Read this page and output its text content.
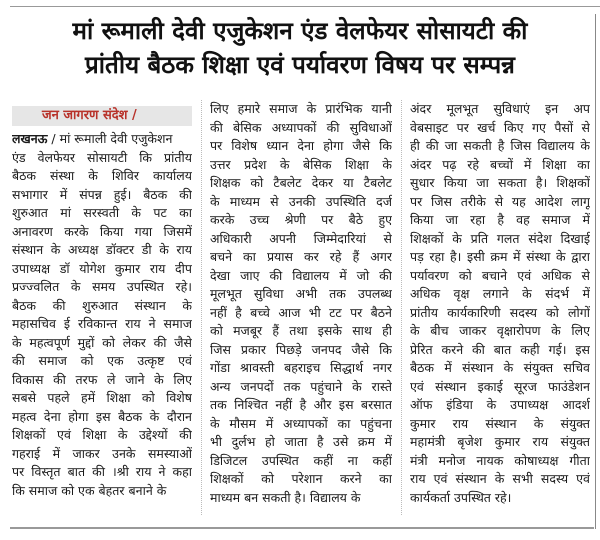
मां रूमाली देवी एजुकेशन एंड वेलफेयर सोसायटी की
प्रांतीय बैठक शिक्षा एवं पर्यावरण विषय पर सम्पन्न
जन जागरण संदेश /
लखनऊ / मां रूमाली देवी एजुकेशन
एंड वेलफेयर सोसायटी कि प्रांतीय
बैठक संस्था के शिविर कार्यालय
सभागार में संपन्न हुई। बैठक की
शुरुआत मां सरस्वती के पट का
अनावरण करके किया गया जिसमें
संस्थान के अध्यक्ष डॉक्टर डी के राय
उपाध्यक्ष डॉ योगेश कुमार राय दीप
प्रज्ज्वलित के समय उपस्थित रहे।
बैठक की शुरुआत संस्थान के
महासचिव ई रविकान्त राय ने समाज
के महत्वपूर्ण मुद्दों को लेकर की जैसे
की समाज को एक उत्कृष्ट एवं
विकास की तरफ ले जाने के लिए
सबसे पहले हमें शिक्षा को विशेष
महत्व देना होगा इस बैठक के दौरान
शिक्षकों एवं शिक्षा के उद्देश्यों की
गहराई में जाकर उनके समस्याओं
पर विस्तृत बात की ।श्री राय ने कहा
कि समाज को एक बेहतर बनाने के
लिए हमारे समाज के प्रारंभिक यानी
की बेसिक अध्यापकों की सुविधाओं
पर विशेष ध्यान देना होगा जैसे कि
उत्तर प्रदेश के बेसिक शिक्षा के
शिक्षक को टैबलेट देकर या टैबलेट
के माध्यम से उनकी उपस्थिति दर्ज
करके उच्च श्रेणी पर बैठे हुए
अधिकारी अपनी जिम्मेदारियां से
बचने का प्रयास कर रहे हैं अगर
देखा जाए की विद्यालय में जो की
मूलभूत सुविधा अभी तक उपलब्ध
नहीं है बच्चे आज भी टट पर बैठने
को मजबूर हैं तथा इसके साथ ही
जिस प्रकार पिछड़े जनपद जैसे कि
गोंडा श्रावस्ती बहराइच सिद्धार्थ नगर
अन्य जनपदों तक पहुंचाने के रास्ते
तक निश्चित नहीं है और इस बरसात
के मौसम में अध्यापकों का पहुंचना
भी दुर्लभ हो जाता है उसे क्रम में
डिजिटल उपस्थित कहीं ना कहीं
शिक्षकों को परेशान करने का
माध्यम बन सकती है। विद्यालय के
अंदर मूलभूत सुविधाएं इन अप
वेबसाइट पर खर्च किए गए पैसों से
ही की जा सकती है जिस विद्यालय के
अंदर पढ़ रहे बच्चों में शिक्षा का
सुधार किया जा सकता है। शिक्षकों
पर जिस तरीके से यह आदेश लागू
किया जा रहा है वह समाज में
शिक्षकों के प्रति गलत संदेश दिखाई
पड़ रहा है। इसी क्रम में संस्था के द्वारा
पर्यावरण को बचाने एवं अधिक से
अधिक वृक्ष लगाने के संदर्भ में
प्रांतीय कार्यकारिणी सदस्य को लोगों
के बीच जाकर वृक्षारोपण के लिए
प्रेरित करने की बात कही गई। इस
बैठक में संस्थान के संयुक्त सचिव
एवं संस्थान इकाई सूरज फाउंडेशन
ऑफ इंडिया के उपाध्यक्ष आदर्श
कुमार राय संस्थान के संयुक्त
महामंत्री बृजेश कुमार राय संयुक्त
मंत्री मनोज नायक कोषाध्यक्ष गीता
राय एवं संस्थान के सभी सदस्य एवं
कार्यकर्ता उपस्थित रहे।
